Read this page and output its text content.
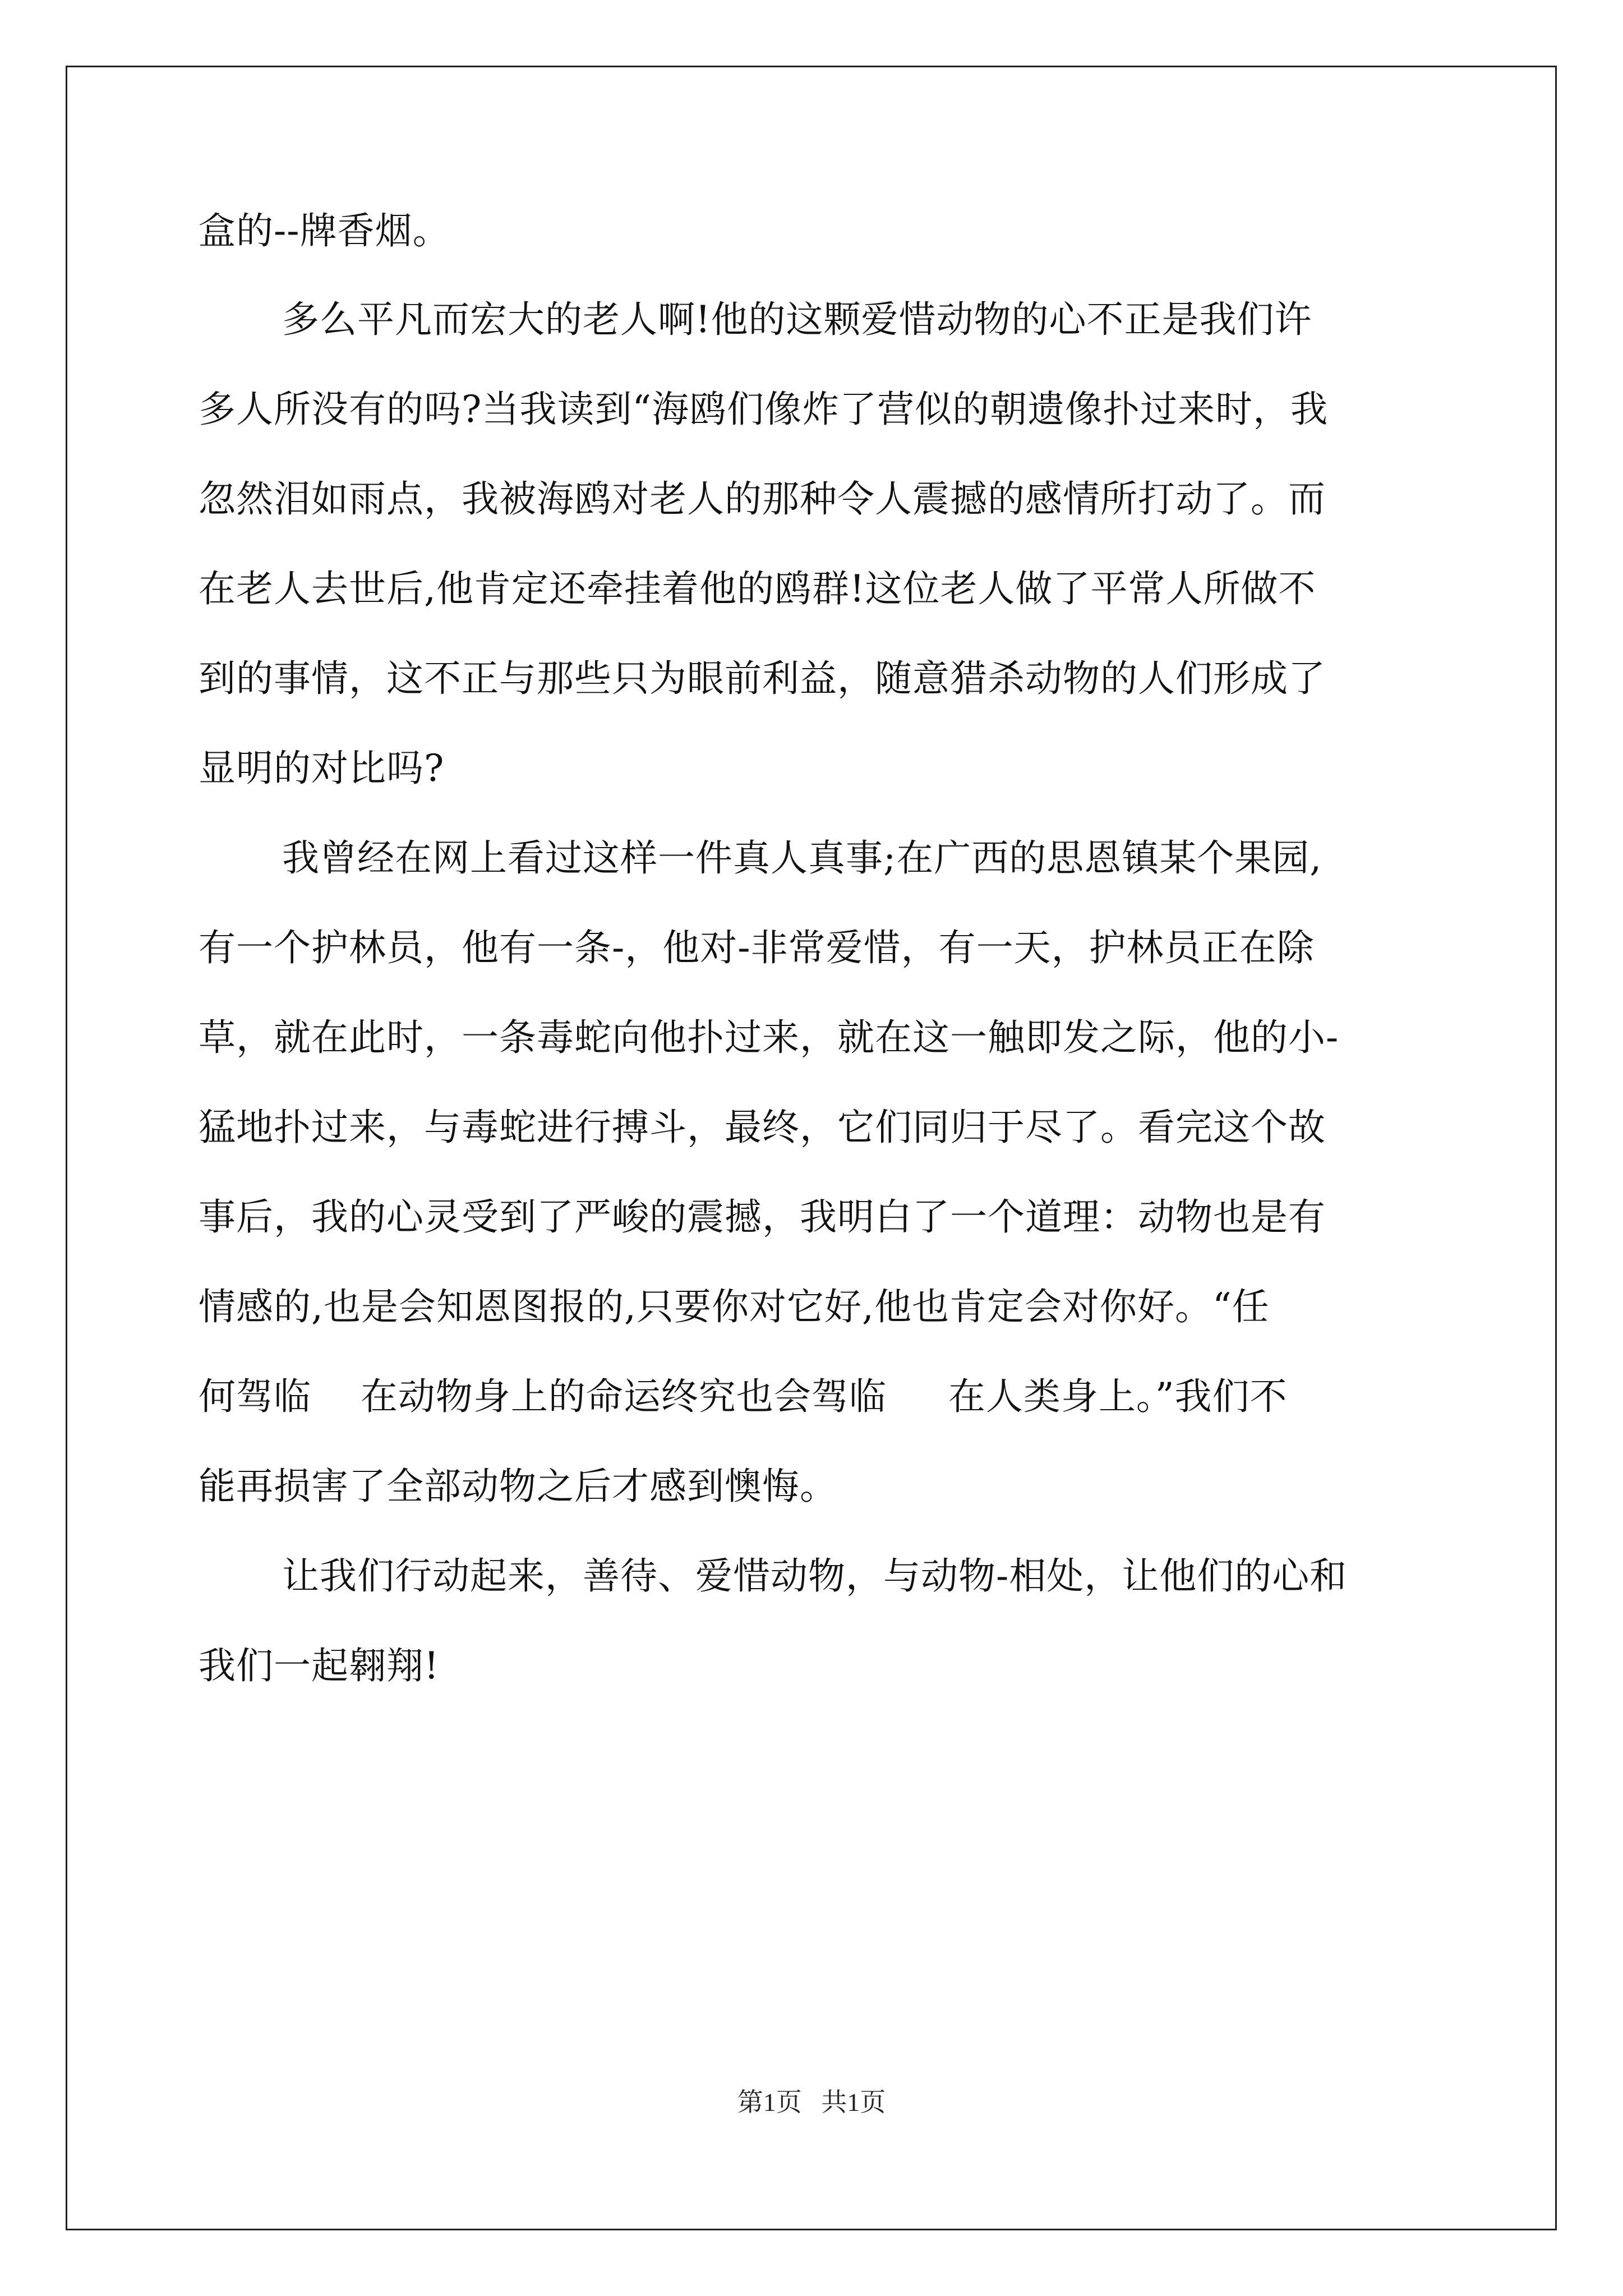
盒的--牌香烟。
多么平凡而宏大的老人啊!他的这颗爱惜动物的心不正是我们许
多人所没有的吗?当我读到“海鸥们像炸了营似的朝遗像扑过来时，我
忽然泪如雨点，我被海鸥对老人的那种令人震撼的感情所打动了。而
在老人去世后,他肯定还牵挂着他的鸥群!这位老人做了平常人所做不
到的事情，这不正与那些只为眼前利益，随意猎杀动物的人们形成了
显明的对比吗?
我曾经在网上看过这样一件真人真事;在广西的思恩镇某个果园,
有一个护林员，他有一条-，他对-非常爱惜，有一天，护林员正在除
草，就在此时，一条毒蛇向他扑过来，就在这一触即发之际，他的小-
猛地扑过来，与毒蛇进行搏斗，最终，它们同归于尽了。看完这个故
事后，我的心灵受到了严峻的震撼，我明白了一个道理：动物也是有
情感的,也是会知恩图报的,只要你对它好,他也肯定会对你好。“任
何驾临    在动物身上的命运终究也会驾临     在人类身上。”我们不
能再损害了全部动物之后才感到懊悔。
让我们行动起来，善待、爱惜动物，与动物-相处，让他们的心和
我们一起翱翔!
第1页   共1页
